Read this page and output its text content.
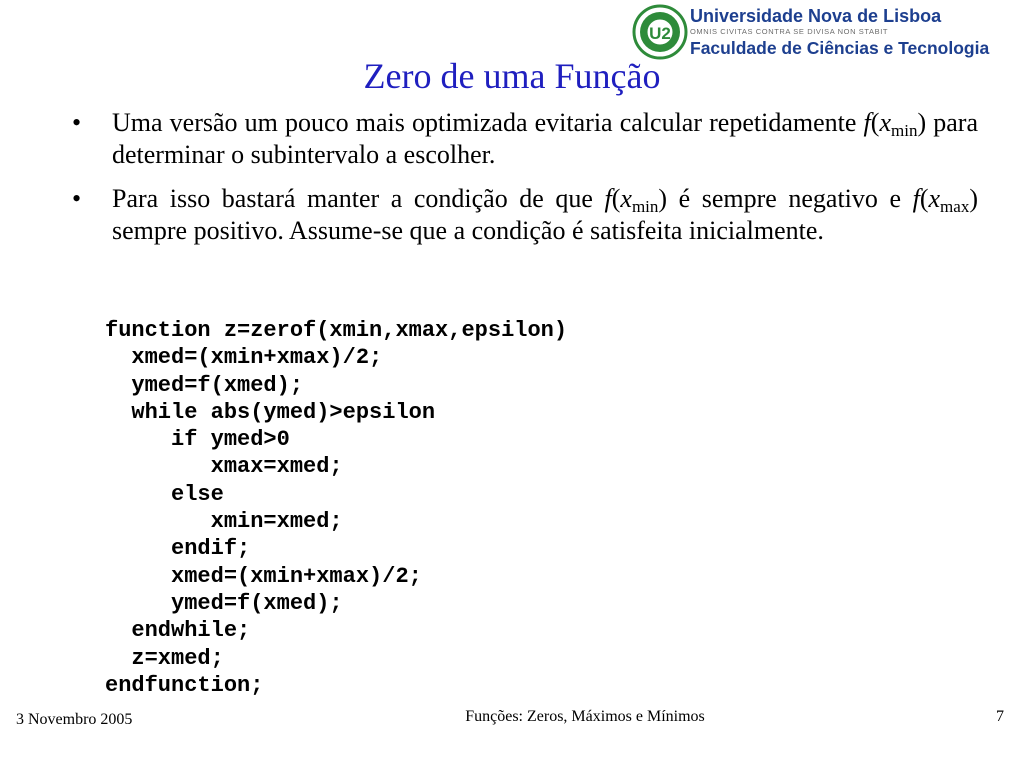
U2
Universidade Nova de Lisboa
OMNIS CIVITAS CONTRA SE DIVISA NON STABIT
Faculdade de Ciências e Tecnologia
Zero de uma Função
• Uma versão um pouco mais optimizada evitaria calcular repetidamente $f(x_{min})$ para determinar o subintervalo a escolher.
• Para isso bastará manter a condição de que $f(x_{min})$ é sempre negativo e $f(x_{max})$ sempre positivo. Assume-se que a condição é satisfeita inicialmente.
function z=zerof(xmin,xmax,epsilon)
xmed=(xmin+xmax)/2;
ymed=f(xmed);
while abs(ymed)>epsilon
if ymed>0
xmax=xmed;
else
xmin=xmed;
endif;
xmed=(xmin+xmax)/2;
ymed=f(xmed);
endwhile;
z=xmed;
endfunction;
3 Novembro 2005	Funções: Zeros, Máximos e Mínimos	7
